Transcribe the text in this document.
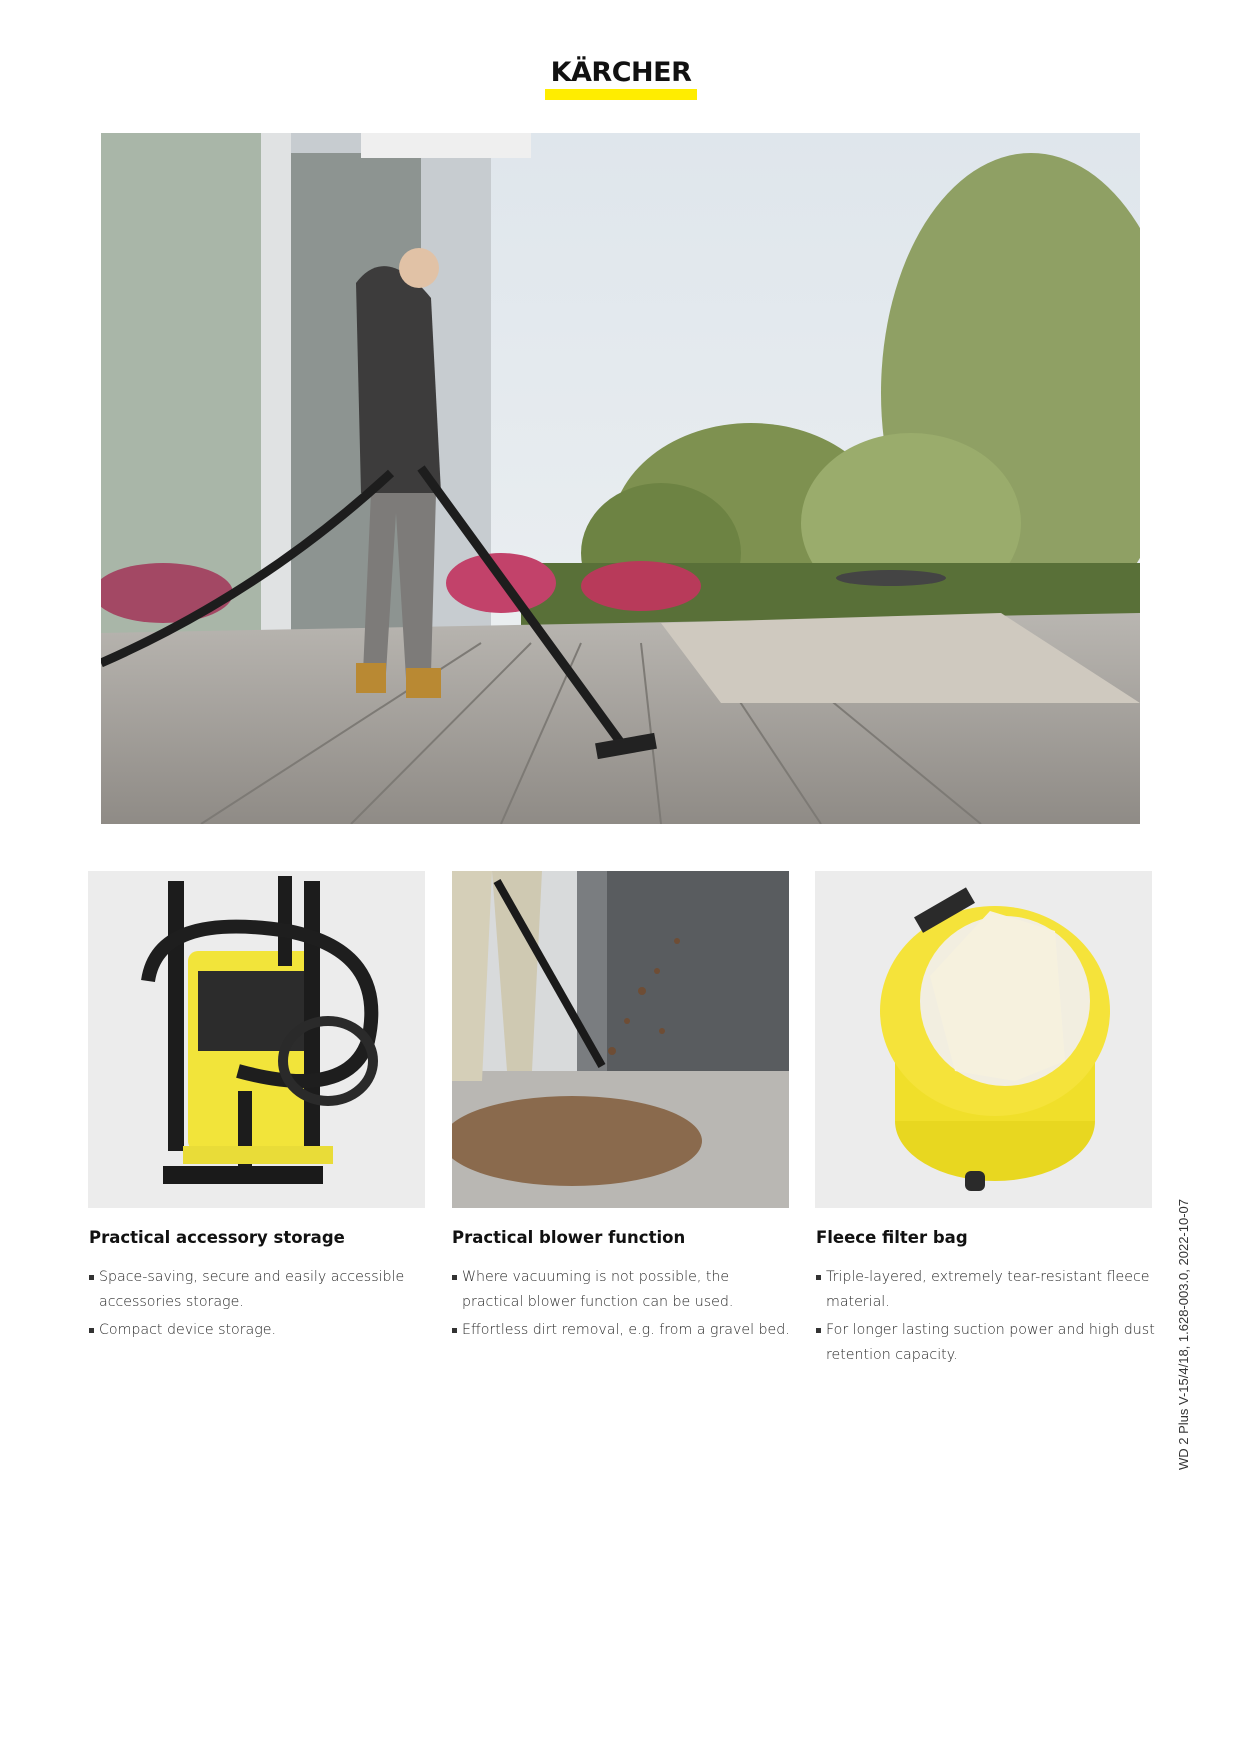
KÄRCHER
Practical accessory storage
Space-saving, secure and easily accessible accessories storage.
Compact device storage.
Practical blower function
Where vacuuming is not possible, the practical blower function can be used.
Effortless dirt removal, e.g. from a gravel bed.
Fleece filter bag
Triple-layered, extremely tear-resistant fleece material.
For longer lasting suction power and high dust retention capacity.	WD 2 Plus V-15/4/18, 1.628-003.0, 2022-10-07
